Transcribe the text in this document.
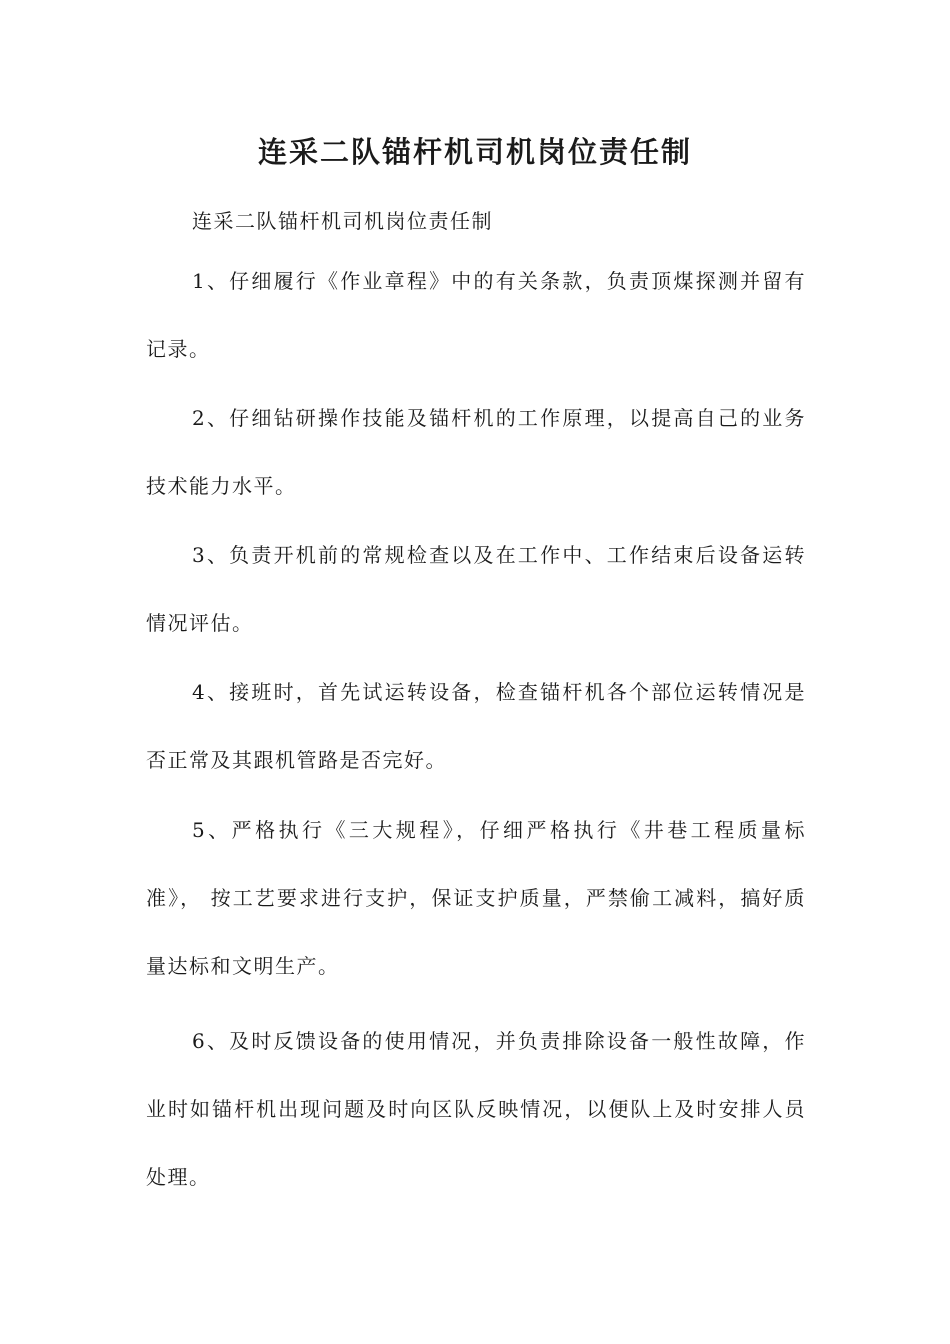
连采二队锚杆机司机岗位责任制

连采二队锚杆机司机岗位责任制

1、仔细履行《作业章程》中的有关条款，负责顶煤探测并留有记录。

2、仔细钻研操作技能及锚杆机的工作原理，以提高自己的业务技术能力水平。

3、负责开机前的常规检查以及在工作中、工作结束后设备运转情况评估。

4、接班时，首先试运转设备，检查锚杆机各个部位运转情况是否正常及其跟机管路是否完好。

5、严格执行《三大规程》，仔细严格执行《井巷工程质量标准》， 按工艺要求进行支护，保证支护质量，严禁偷工减料，搞好质量达标和文明生产。

6、及时反馈设备的使用情况，并负责排除设备一般性故障，作业时如锚杆机出现问题及时向区队反映情况，以便队上及时安排人员处理。
